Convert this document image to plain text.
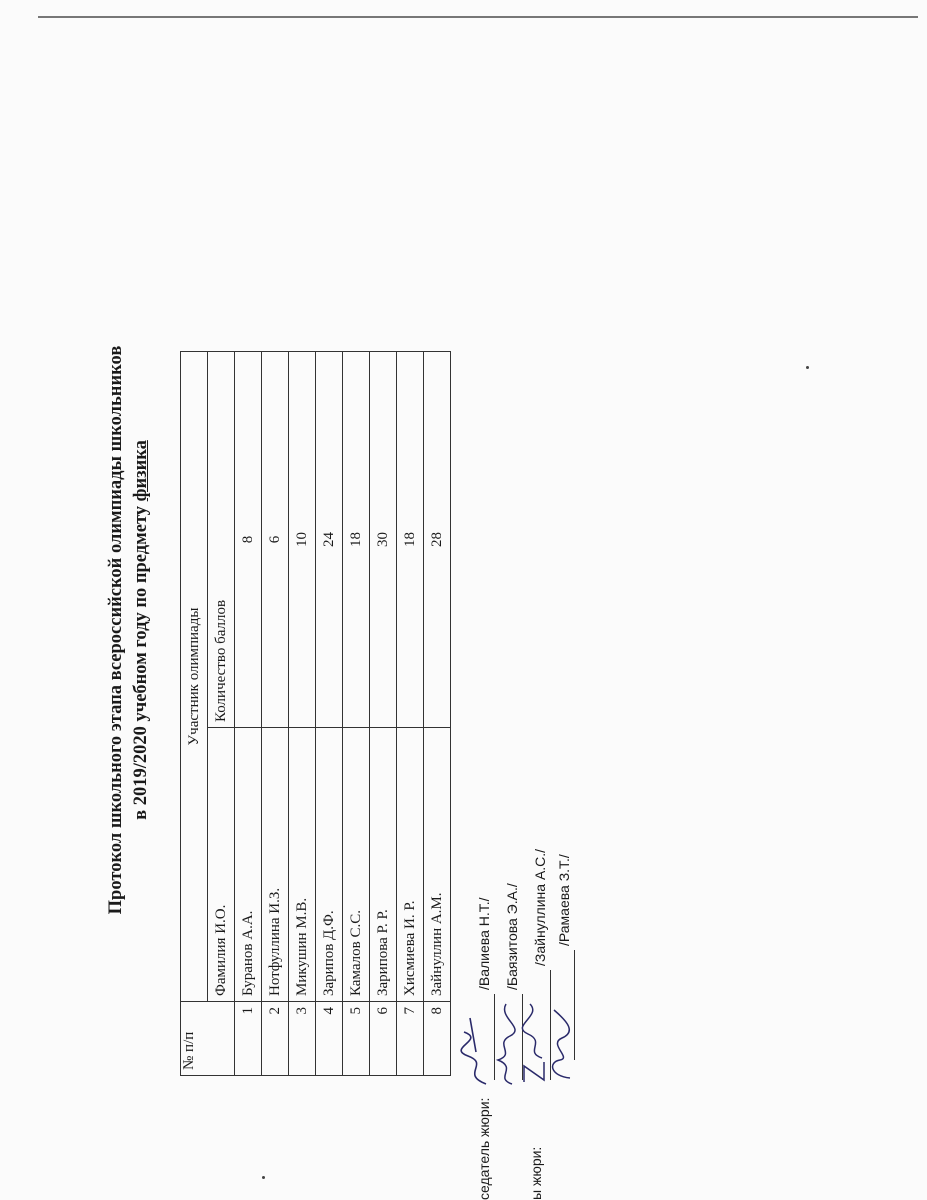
Протокол школьного этапа всероссийской олимпиады школьников в 2019/2020 учебном году по предмету физика
№ п/п	Участник олимпиады	
	Фамилия И.О.	Количество баллов
1	Буранов А.А.	8
2	Нотфуллина И.З.	6
3	Микушин М.В.	10
4	Зарипов Д.Ф.	24
5	Камалов С.С.	18
6	Зарипова Р. Р.	30
7	Хисмиева И. Р.	18
8	Зайнуллин А.М.	28
седатель жюри:	ы жюри:
/Валиева Н.Т./ /Баязитова Э.А./ /Зайнуллина А.С./ /Рамаева З.Т./
